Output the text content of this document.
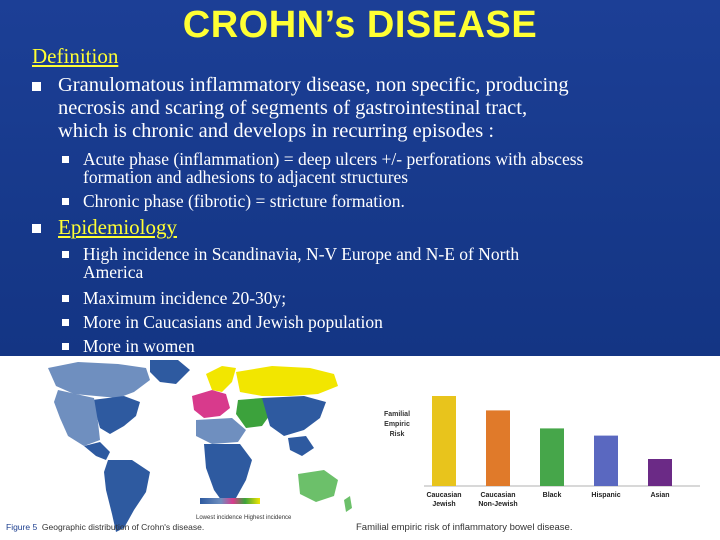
CROHN’s DISEASE
Definition
Granulomatous inflammatory disease, non specific, producing
necrosis and scaring of segments of gastrointestinal tract,
which is chronic and develops in recurring episodes :
Acute phase (inflammation) = deep ulcers +/- perforations with abscess
formation and adhesions to adjacent structures
Chronic phase (fibrotic) = stricture formation.
Epidemiology
High incidence in Scandinavia, N-V Europe and N-E of North
America
Maximum incidence 20-30y;
More in Caucasians and Jewish population
More in women
Lowest incidence Highest incidence
Figure 5 Geographic distribution of Crohn's disease.
Familial
Empiric
Risk
Caucasian
Jewish
Caucasian
Non-Jewish
Black	Hispanic	Asian
Familial empiric risk of inflammatory bowel disease.
